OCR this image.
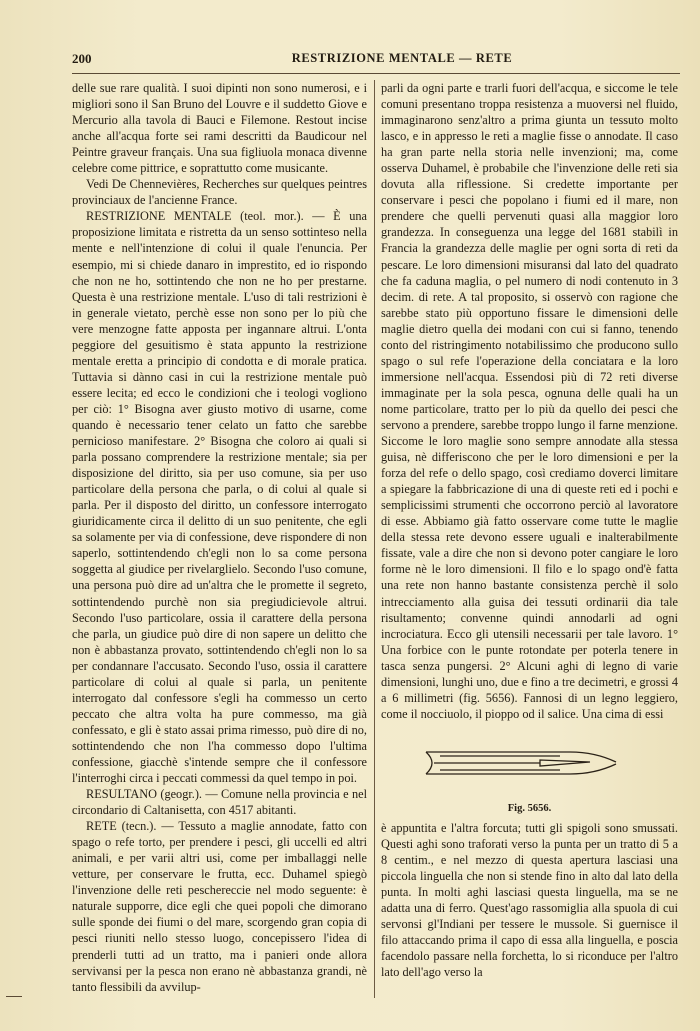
200	RESTRIZIONE MENTALE — RETE

delle sue rare qualità. I suoi dipinti non sono numerosi, e i migliori sono il San Bruno del Louvre e il suddetto Giove e Mercurio alla tavola di Bauci e Filemone. Restout incise anche all'acqua forte sei rami descritti da Baudicour nel Peintre graveur français. Una sua figliuola monaca divenne celebre come pittrice, e soprattutto come musicante.

Vedi De Chennevières, Recherches sur quelques peintres provinciaux de l'ancienne France.

RESTRIZIONE MENTALE (teol. mor.). — È una proposizione limitata e ristretta da un senso sottinteso nella mente e nell'intenzione di colui il quale l'enuncia. Per esempio, mi si chiede danaro in imprestito, ed io rispondo che non ne ho, sottintendo che non ne ho per prestarne. Questa è una restrizione mentale. L'uso di tali restrizioni è in generale vietato, perchè esse non sono per lo più che vere menzogne fatte apposta per ingannare altrui. L'onta peggiore del gesuitismo è stata appunto la restrizione mentale eretta a principio di condotta e di morale pratica. Tuttavia si dànno casi in cui la restrizione mentale può essere lecita; ed ecco le condizioni che i teologi vogliono per ciò: 1° Bisogna aver giusto motivo di usarne, come quando è necessario tener celato un fatto che sarebbe pernicioso manifestare. 2° Bisogna che coloro ai quali si parla possano comprendere la restrizione mentale; sia per disposizione del diritto, sia per uso comune, sia per uso particolare della persona che parla, o di colui al quale si parla. Per il disposto del diritto, un confessore interrogato giuridicamente circa il delitto di un suo penitente, che egli sa solamente per via di confessione, deve rispondere di non saperlo, sottintendendo ch'egli non lo sa come persona soggetta al giudice per rivelarglielo. Secondo l'uso comune, una persona può dire ad un'altra che le promette il segreto, sottintendendo purchè non sia pregiudicievole altrui. Secondo l'uso particolare, ossia il carattere della persona che parla, un giudice può dire di non sapere un delitto che non è abbastanza provato, sottintendendo ch'egli non lo sa per condannare l'accusato. Secondo l'uso, ossia il carattere particolare di colui al quale si parla, un penitente interrogato dal confessore s'egli ha commesso un certo peccato che altra volta ha pure commesso, ma già confessato, e gli è stato assai prima rimesso, può dire di no, sottintendendo che non l'ha commesso dopo l'ultima confessione, giacchè s'intende sempre che il confessore l'interroghi circa i peccati commessi da quel tempo in poi.

RESULTANO (geogr.). — Comune nella provincia e nel circondario di Caltanisetta, con 4517 abitanti.

RETE (tecn.). — Tessuto a maglie annodate, fatto con spago o refe torto, per prendere i pesci, gli uccelli ed altri animali, e per varii altri usi, come per imballaggi nelle vetture, per conservare le frutta, ecc. Duhamel spiegò l'invenzione delle reti peschereccie nel modo seguente: è naturale supporre, dice egli che quei popoli che dimorano sulle sponde dei fiumi o del mare, scorgendo gran copia di pesci riuniti nello stesso luogo, concepissero l'idea di prenderli tutti ad un tratto, ma i panieri onde allora servivansi per la pesca non erano nè abbastanza grandi, nè tanto flessibili da avvilup-

parli da ogni parte e trarli fuori dell'acqua, e siccome le tele comuni presentano troppa resistenza a muoversi nel fluido, immaginarono senz'altro a prima giunta un tessuto molto lasco, e in appresso le reti a maglie fisse o annodate. Il caso ha gran parte nella storia nelle invenzioni; ma, come osserva Duhamel, è probabile che l'invenzione delle reti sia dovuta alla riflessione. Si credette importante per conservare i pesci che popolano i fiumi ed il mare, non prendere che quelli pervenuti quasi alla maggior loro grandezza. In conseguenza una legge del 1681 stabilì in Francia la grandezza delle maglie per ogni sorta di reti da pescare. Le loro dimensioni misuransi dal lato del quadrato che fa caduna maglia, o pel numero di nodi contenuto in 3 decim. di rete. A tal proposito, si osservò con ragione che sarebbe stato più opportuno fissare le dimensioni delle maglie dietro quella dei modani con cui si fanno, tenendo conto del ristringimento notabilissimo che producono sullo spago o sul refe l'operazione della conciatara e la loro immersione nell'acqua. Essendosi più di 72 reti diverse immaginate per la sola pesca, ognuna delle quali ha un nome particolare, tratto per lo più da quello dei pesci che servono a prendere, sarebbe troppo lungo il farne menzione. Siccome le loro maglie sono sempre annodate alla stessa guisa, nè differiscono che per le loro dimensioni e per la forza del refe o dello spago, così crediamo doverci limitare a spiegare la fabbricazione di una di queste reti ed i pochi e semplicissimi strumenti che occorrono perciò al lavoratore di esse. Abbiamo già fatto osservare come tutte le maglie della stessa rete devono essere uguali e inalterabilmente fissate, vale a dire che non si devono poter cangiare le loro forme nè le loro dimensioni. Il filo e lo spago ond'è fatta una rete non hanno bastante consistenza perchè il solo intrecciamento alla guisa dei tessuti ordinarii dia tale risultamento; convenne quindi annodarli ad ogni incrociatura. Ecco gli utensili necessarii per tale lavoro. 1° Una forbice con le punte rotondate per poterla tenere in tasca senza pungersi. 2° Alcuni aghi di legno di varie dimensioni, lunghi uno, due e fino a tre decimetri, e grossi 4 a 6 millimetri (fig. 5656). Fannosi di un legno leggiero, come il nocciuolo, il pioppo od il salice. Una cima di essi

Fig. 5656.

è appuntita e l'altra forcuta; tutti gli spigoli sono smussati. Questi aghi sono traforati verso la punta per un tratto di 5 a 8 centim., e nel mezzo di questa apertura lasciasi una piccola linguella che non si stende fino in alto dal lato della punta. In molti aghi lasciasi questa linguella, ma se ne adatta una di ferro. Quest'ago rassomiglia alla spuola di cui servonsi gl'Indiani per tessere le mussole. Si guernisce il filo attaccando prima il capo di essa alla linguella, e poscia facendolo passare nella forchetta, lo si riconduce per l'altro lato dell'ago verso la
